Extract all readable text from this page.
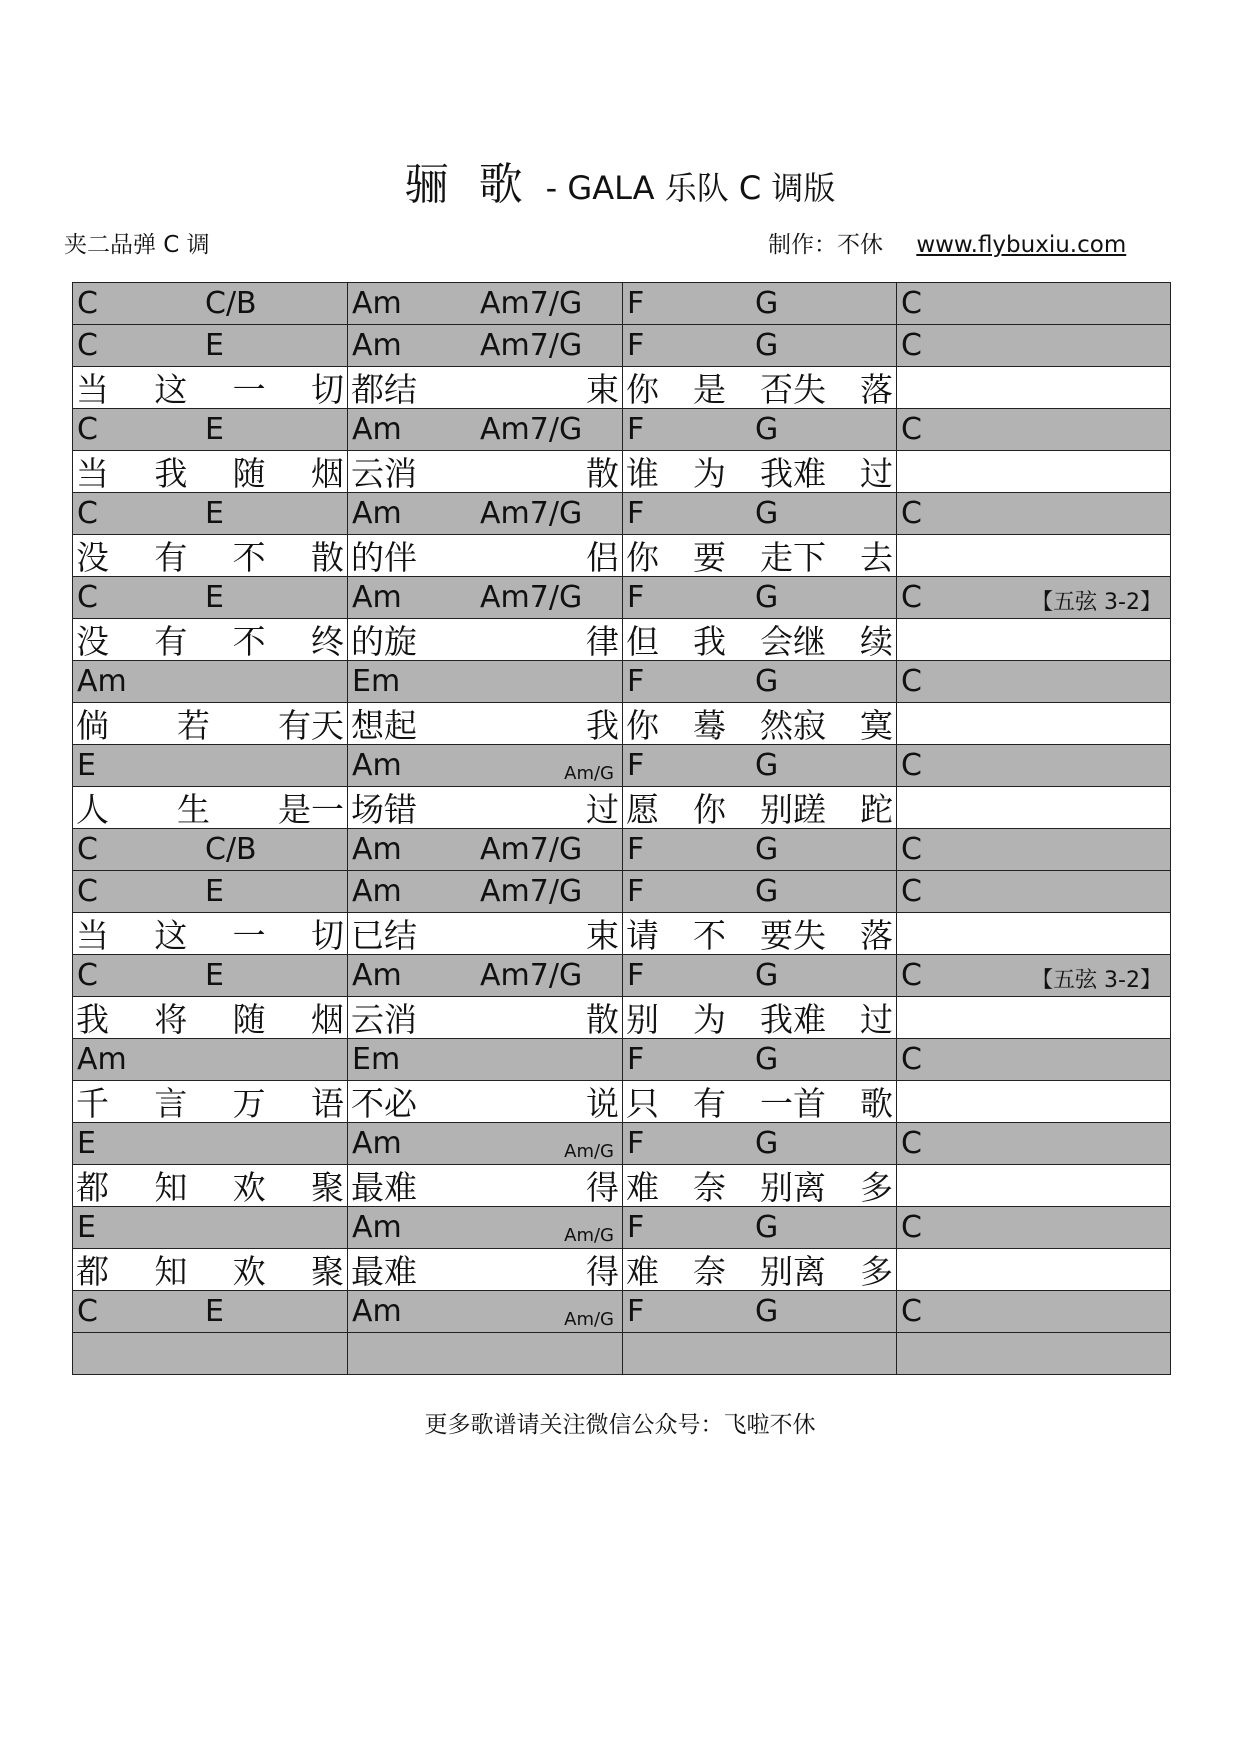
骊 歌 - GALA 乐队 C 调版
夹二品弹 C 调	制作：不休 www.flybuxiu.com
C C/B	Am Am7/G	F G	C

C E	Am Am7/G	F G	C

当 这 一 切	都结 束	你 是 否失 落	

C E	Am Am7/G	F G	C

当 我 随 烟	云消 散	谁 为 我难 过	

C E	Am Am7/G	F G	C

没 有 不 散	的伴 侣	你 要 走下 去	

C E	Am Am7/G	F G	C 【五弦 3-2】

没 有 不 终	的旋 律	但 我 会继 续	

Am	Em	F G	C

倘 若 有天	想起 我	你 蓦 然寂 寞	

E	Am Am/G	F G	C

人 生 是一	场错 过	愿 你 别蹉 跎	

C C/B	Am Am7/G	F G	C

C E	Am Am7/G	F G	C

当 这 一 切	已结 束	请 不 要失 落	

C E	Am Am7/G	F G	C 【五弦 3-2】

我 将 随 烟	云消 散	别 为 我难 过	

Am	Em	F G	C

千 言 万 语	不必 说	只 有 一首 歌	

E	Am Am/G	F G	C

都 知 欢 聚	最难 得	难 奈 别离 多	

E	Am Am/G	F G	C

都 知 欢 聚	最难 得	难 奈 别离 多	

C E	Am Am/G	F G	C

更多歌谱请关注微信公众号：飞啦不休
